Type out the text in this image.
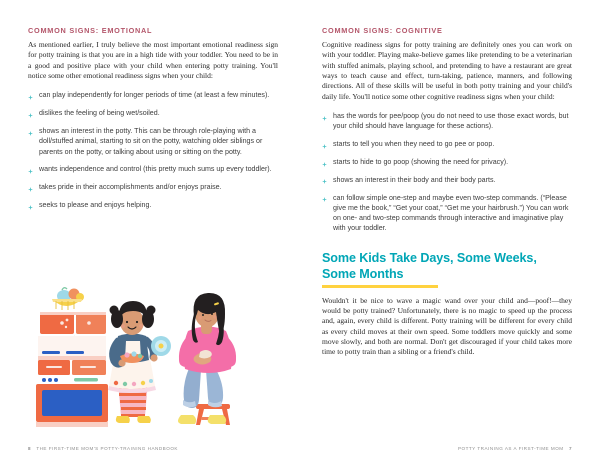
COMMON SIGNS: EMOTIONAL

As mentioned earlier, I truly believe the most important emotional readiness sign for potty training is that you are in a high tide with your toddler. You need to be in a good and positive place with your child when entering potty training. You'll notice some other emotional readiness signs when your child:

can play independently for longer periods of time (at least a few minutes).
dislikes the feeling of being wet/soiled.
shows an interest in the potty. This can be through role-playing with a doll/stuffed animal, starting to sit on the potty, watching older siblings or parents on the potty, or talking about using or sitting on the potty.
wants independence and control (this pretty much sums up every toddler).
takes pride in their accomplishments and/or enjoys praise.
seeks to please and enjoys helping.
8 THE FIRST-TIME MOM'S POTTY-TRAINING HANDBOOK
COMMON SIGNS: COGNITIVE

Cognitive readiness signs for potty training are definitely ones you can work on with your toddler. Playing make-believe games like pretending to be a veterinarian with stuffed animals, playing school, and pretending to have a restaurant are great ways to teach cause and effect, turn-taking, patience, manners, and following directions. All of these skills will be useful in both potty training and your child's daily life. You'll notice some other cognitive readiness signs when your child:

has the words for pee/poop (you do not need to use those exact words, but your child should have language for these actions).
starts to tell you when they need to go pee or poop.
starts to hide to go poop (showing the need for privacy).
shows an interest in their body and their body parts.
can follow simple one-step and maybe even two-step commands. (“Please give me the book,” “Get your coat,” “Get me your hairbrush.”) You can work on one- and two-step commands through interactive and imaginative play with your toddler.
Some Kids Take Days, Some Weeks, Some Months

Wouldn't it be nice to wave a magic wand over your child and—poof!—they would be potty trained? Unfortunately, there is no magic to speed up the process and, again, every child is different. Potty training will be different for every child as every child moves at their own speed. Some toddlers move quickly and some move slowly, and both are normal. Don't get discouraged if your child takes more time to potty train than a sibling or a friend's child.

POTTY TRAINING AS A FIRST-TIME MOM 7
